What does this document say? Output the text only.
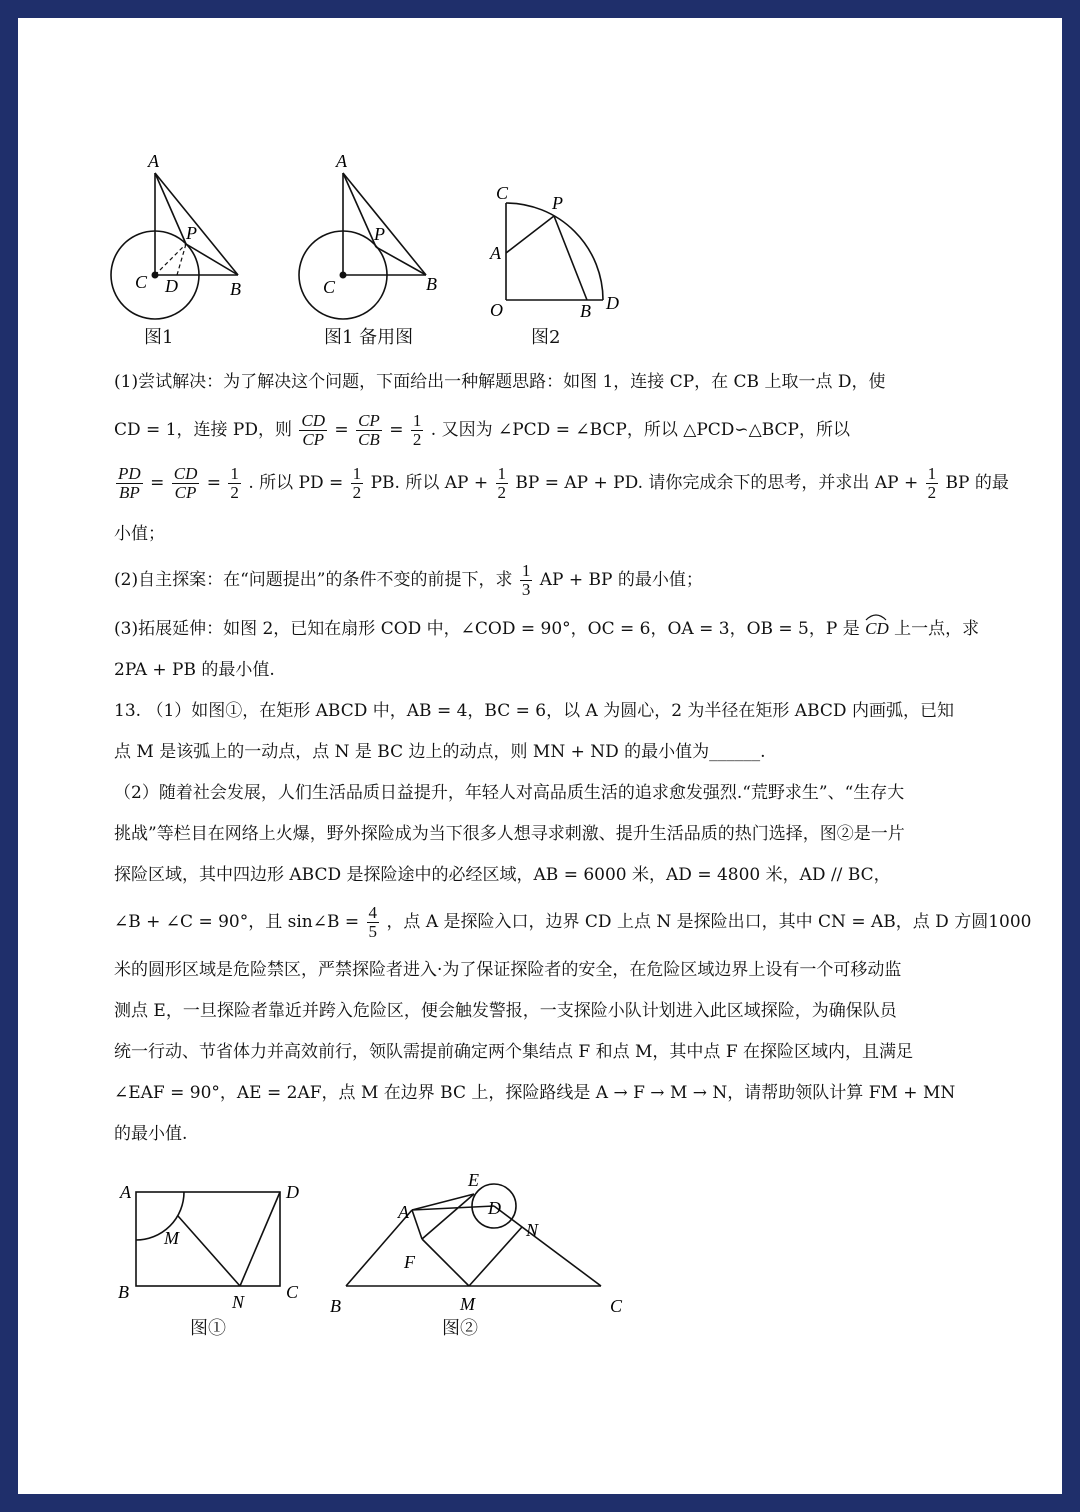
A
P
C D	B
图1
A
P
C	B
图1 备用图
C P
A
O	B D
图2
(1)尝试解决：为了解决这个问题，下面给出一种解题思路：如图 1，连接 CP，在 CB 上取一点 D，使
CD = 1，连接 PD，则 $\frac{CD}{CP} = \frac{CP}{CB} = \frac{1}{2}$ . 又因为 ∠PCD = ∠BCP，所以 △PCD∽△BCP，所以
$\frac{PD}{BP} = \frac{CD}{CP} = \frac{1}{2}$ . 所以 PD = $\frac{1}{2}$ PB. 所以 AP + $\frac{1}{2}$ BP = AP + PD. 请你完成余下的思考，并求出 AP + $\frac{1}{2}$ BP 的最
小值；
(2)自主探案：在“问题提出”的条件不变的前提下，求 $\frac{1}{3}$ AP + BP 的最小值；
(3)拓展延伸：如图 2，已知在扇形 COD 中，∠COD = 90°，OC = 6，OA = 3，OB = 5，P 是 CD 上一点，求
2PA + PB 的最小值.
13. （1）如图①，在矩形 ABCD 中，AB = 4，BC = 6，以 A 为圆心，2 为半径在矩形 ABCD 内画弧，已知
点 M 是该弧上的一动点，点 N 是 BC 边上的动点，则 MN + ND 的最小值为______.
（2）随着社会发展，人们生活品质日益提升，年轻人对高品质生活的追求愈发强烈.“荒野求生”、“生存大
挑战”等栏目在网络上火爆，野外探险成为当下很多人想寻求刺激、提升生活品质的热门选择，图②是一片
探险区域，其中四边形 ABCD 是探险途中的必经区域，AB = 6000 米，AD = 4800 米，AD // BC，
∠B + ∠C = 90°，且 sin∠B = $\frac{4}{5}$ ，点 A 是探险入口，边界 CD 上点 N 是探险出口，其中 CN = AB，点 D 方圆1000
米的圆形区域是危险禁区，严禁探险者进入·为了保证探险者的安全，在危险区域边界上设有一个可移动监
测点 E，一旦探险者靠近并跨入危险区，便会触发警报，一支探险小队计划进入此区域探险，为确保队员
统一行动、节省体力并高效前行，领队需提前确定两个集结点 F 和点 M，其中点 F 在探险区域内，且满足
∠EAF = 90°，AE = 2AF，点 M 在边界 BC 上，探险路线是 A → F → M → N，请帮助领队计算 FM + MN
的最小值.
A	D
M
B	N C
图①
A
E
D
N
F
B	M	C
图②
